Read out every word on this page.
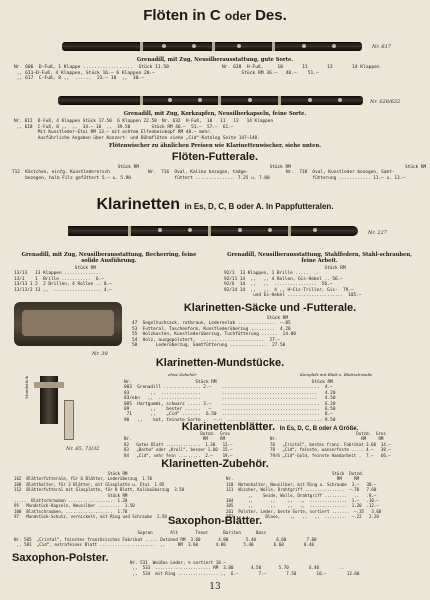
Flöten in C oder Des.
Nr. 617
Grenadill, mit Zug, Neusilberausstattung, gute Sorte.
Nr. 606  D-Fuß, 1 Klappe ..................  Stück 11.50
,, 611—D-Fuß, 4 Klappen, Stück 16.— 6 Klappen 20.—
,, 617  C-Fuß, 8 ,,  ......  23.— 10  ,,  30.—
Nr. 628  H-Fuß,     10       11       13       14 Klappen
Stück RM 36.—   48.—    51.—

Nr. 628/632
Grenadill, mit Zug, Korkzapfen, Neusilberkapseln, feine Sorte.
Nr. 612  D-Fuß, 4 Klappen Stück 17.50  6 Klappen 22.50  Nr. 632  H-Fuß,  10   11   13   14 Klappen
,, 618  C-Fuß, 8 ,,  ,,  34.— 10  ,,  39.50        Stück RM 46.—  51.—  57.—  61.—
Mit Kunstleder-Etui RM 13.— mit echtem Elfenbeinkopf RM 48.— mehr.
Ausführliche Angaben über Konzert- und Böhmflöten siehe „Cid“-Katalog Seite 147—148.
Flötenwischer zu ähnlichen Preisen wie Klarinettenwischer, siehe unten.
Flöten-Futterale.
Stück RM
712  Kästchen, einfg. Kunstlederersch
bezogen, halb Filz gefüttert 5.— u. 5.90
Stück RM
Nr.  716  Oval, Kaliko bezogen, tadge-
füttert ............... 7.25 u. 7.80
Stück RM
Nr.  718  Oval, Kunstleder bezogen, Samt-
fütterung ............ 11.— u. 13.—
Klarinetten in Es, D, C, B oder A. In Pappfutteralen.
Nr. 227
Grenadill, mit Zug, Neusilberausstattung, Becherring, feine solide Ausführung.
Grenadill, Neusilberausstattung, Stahlfedern, Stahl-schrauben, feine Arbeit.
Stück RM
13/13   13 Klappen ..............
13/1    1  Brille ...........  6.—
13/13 1 2  2 Brillen, 4 Rollen .. 8.—
13/13/2 13 ,,  .................. 4.—
Stück RM
92/1  13 Klappen, 1 Brille .....  ..
92/11 14  ,,   ,, 4 Rollen, Gis-Hebel .. 56.—
92/6  14  ,,   ,,  ................  56.—
92/14 14  ,,   ,,  4 ,, H—Cis-Triller, Gis-  79.—
und Es-Hebel .....................  105.—
Klarinetten-Säcke und -Futterale.
Nr. 38
Stück RM
47  Segeltuchsack, rotbraun, Lederenlab ..............  —.85
53  Futteral, Taschenform, Kunstlederüberzug .........  4.20
55  Holzkasten, Kunstlederüberzug, Tuchfütterung ......  14.80
54  Holz, ausgepolstert,  ........................  27.—
58       Lederüberzug, Samtfütterung ..............  27.50
Klarinetten-Mundstücke.
ohne Zubehör	Komplett mit Blatt u. Blattschraube
Mundstück
Nr. 65, 73/32
Nr.                        Stück RM                                    Stück RM
083  Grenadill .............. 2.—    .....................................  4.—
83        ,,  ...............        ....................................   4.20
83/ebn   ,,  ................        ....................................   4.50
085  Hartgummi, schwarz ..... 3.—    .....................................  6.20
89        ,,    bester ......   —    .....................................  6.50
71       ,,    „Cid“ .......  6.50  .....................................  8.—
90   ,,    kot, feinste Sorte ..  —.—  .................................... 9.50
Klarinettenblätter. In Es, D, C, B oder A Größe.
Dutzd.  Gros
Nr.                             RM     RM
82   Gutes Blatt ..............  1.30   12.—
83   „Barbu“ oder „Kroll“, besser 1.60  15.—
84   „Cid“, sehr fein .........  2.—    19.—
Dutzd.  Gros
Nr.                                  RM     RM
70   „Cristal“, bestes franz. Fabrikat 3.60  34.—
78   „Cid“, feinste, wasserfeste ..... 4.—   38.—
79/6 „Cid“-Gold, feinste Handarbeit .  7.—   66.—
Klarinetten-Zubehör.
Stück RM
162  Blätterfutterale, für 6 Blätter, Lederüberzug  1.70
168  Blatthalter, für 3 Blätter, mit Glasplatte u. Etui  1.95
112  Blätterfutteral mit Glasplatte, für 8 Blatt, Kalikoüberzug  3.50
Stück RM
.....  Blattschrauben ..................  1.20
95   Mundstück-Kapseln, Neusilber .........  1.50
100  Blattschrauben, ...................  1.70
97   Mundstück-Schutz, vernickelt, mit Ring und Schraube  2.50
Stück  Dutzd.
Nr.                                          RM     RM
110  Notenhalter, Neusilber, mit Ring u. Schraube  3.—   30.—
111  Wischer, Wolle, Drahtgriff ................  —.70   7.60
,,    Seide, Wolle, Drahtgriff .........   ..   .8.—
104      ,,       ,,     ,,   ,,  ...............  1.—   .10.—
105      ,,       ,,     ,,   ,,  ...............  1.20  .12.—
201  Polster, Leder, beste Sorte, sortiert .......  —.35   3.60
202      ,,     Blase,    ,,   ,,   ,,  .........  —.22   2.20
Saxophon-Blätter.
Sopran       Alt       Tenor      Bariton      Bass
Nr. 565  „Cristal“, feinstes französisches Fabrikat ..... Dutzend RM  3.60       4.80       5.40        6.60        7.80
,, 581  „Cid“, extrafeines Blatt ......................  ,,     RM  3.60       4.80       5.40        6.60        8.40
Saxophon-Polster.	Nr. 531  Weißes Leder, % sortiert 18.—
,,  533  ...................... RM  3.80       4.50       5.70        6.40        ..
,,  534  mit Ring ................ ,,  6.—        7.—        7.50        10.—        12.60
13
